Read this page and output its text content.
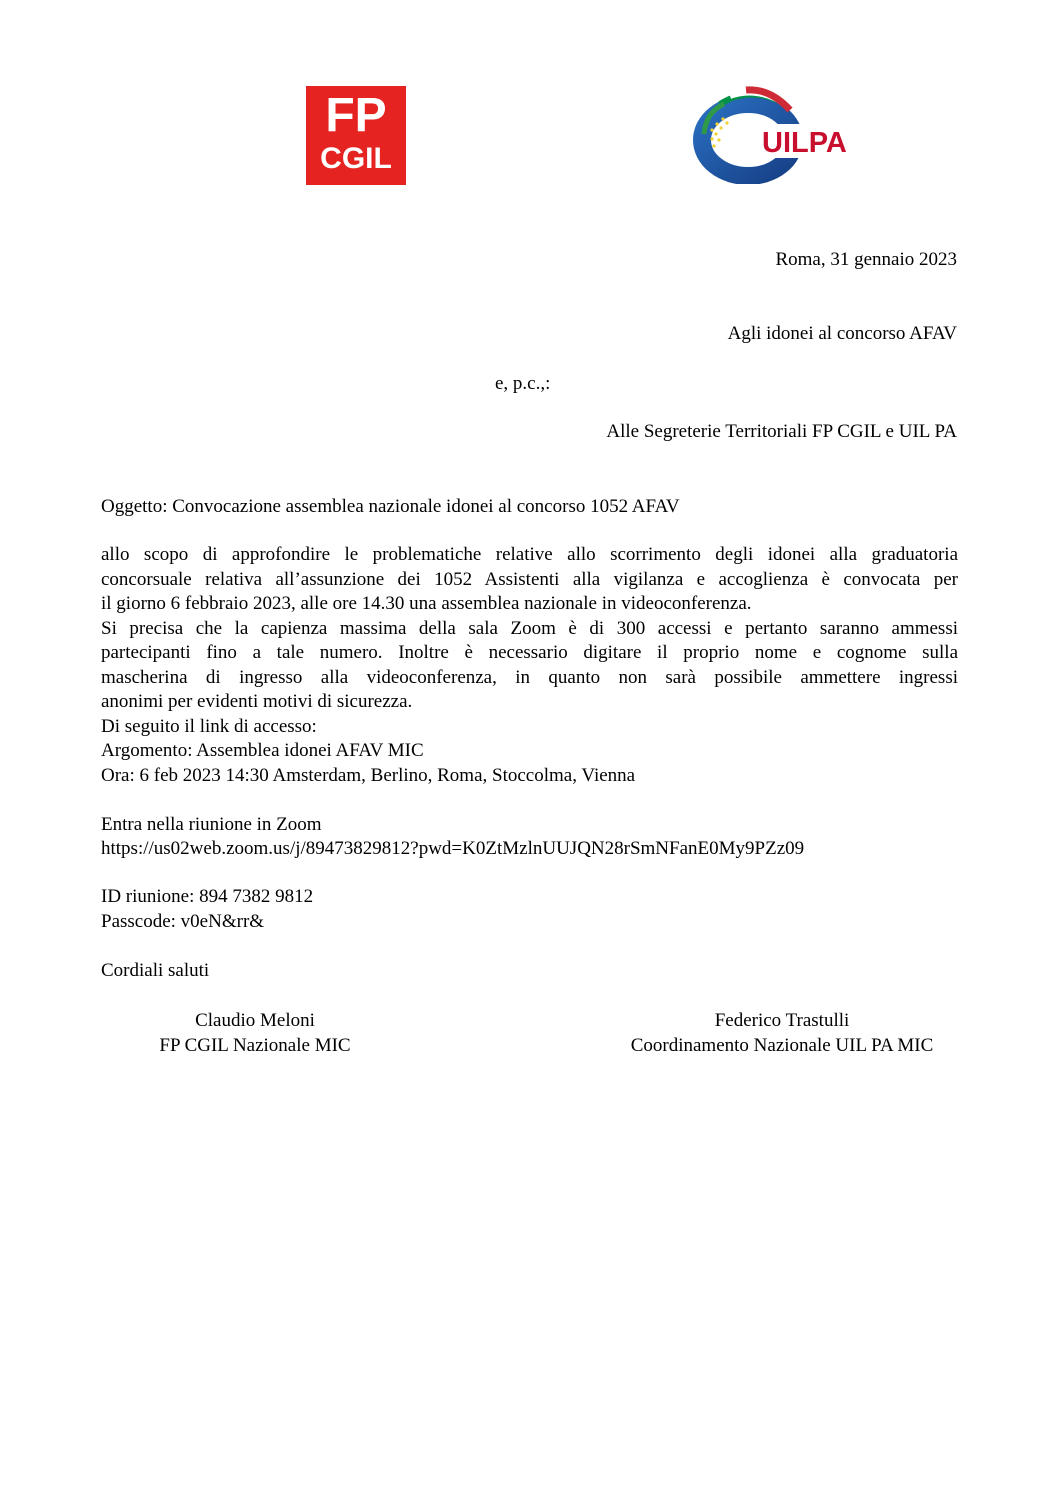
FP
CGIL	UILPA
Roma, 31 gennaio 2023
Agli idonei al concorso AFAV
e, p.c.,:
Alle Segreterie Territoriali FP CGIL e UIL PA
Oggetto: Convocazione assemblea nazionale idonei al concorso 1052 AFAV
allo scopo di approfondire le problematiche relative allo scorrimento degli idonei alla graduatoria
concorsuale relativa all’assunzione dei 1052 Assistenti alla vigilanza e accoglienza è convocata per
il giorno 6 febbraio 2023, alle ore 14.30 una assemblea nazionale in videoconferenza.
Si precisa che la capienza massima della sala Zoom è di 300 accessi e pertanto saranno ammessi
partecipanti fino a tale numero. Inoltre è necessario digitare il proprio nome e cognome sulla
mascherina di ingresso alla videoconferenza, in quanto non sarà possibile ammettere ingressi
anonimi per evidenti motivi di sicurezza.
Di seguito il link di accesso:
Argomento: Assemblea idonei AFAV MIC
Ora: 6 feb 2023 14:30 Amsterdam, Berlino, Roma, Stoccolma, Vienna
Entra nella riunione in Zoom
https://us02web.zoom.us/j/89473829812?pwd=K0ZtMzlnUUJQN28rSmNFanE0My9PZz09
ID riunione: 894 7382 9812
Passcode: v0eN&rr&
Cordiali saluti
Claudio Meloni
FP CGIL Nazionale MIC
Federico Trastulli
Coordinamento Nazionale UIL PA MIC
